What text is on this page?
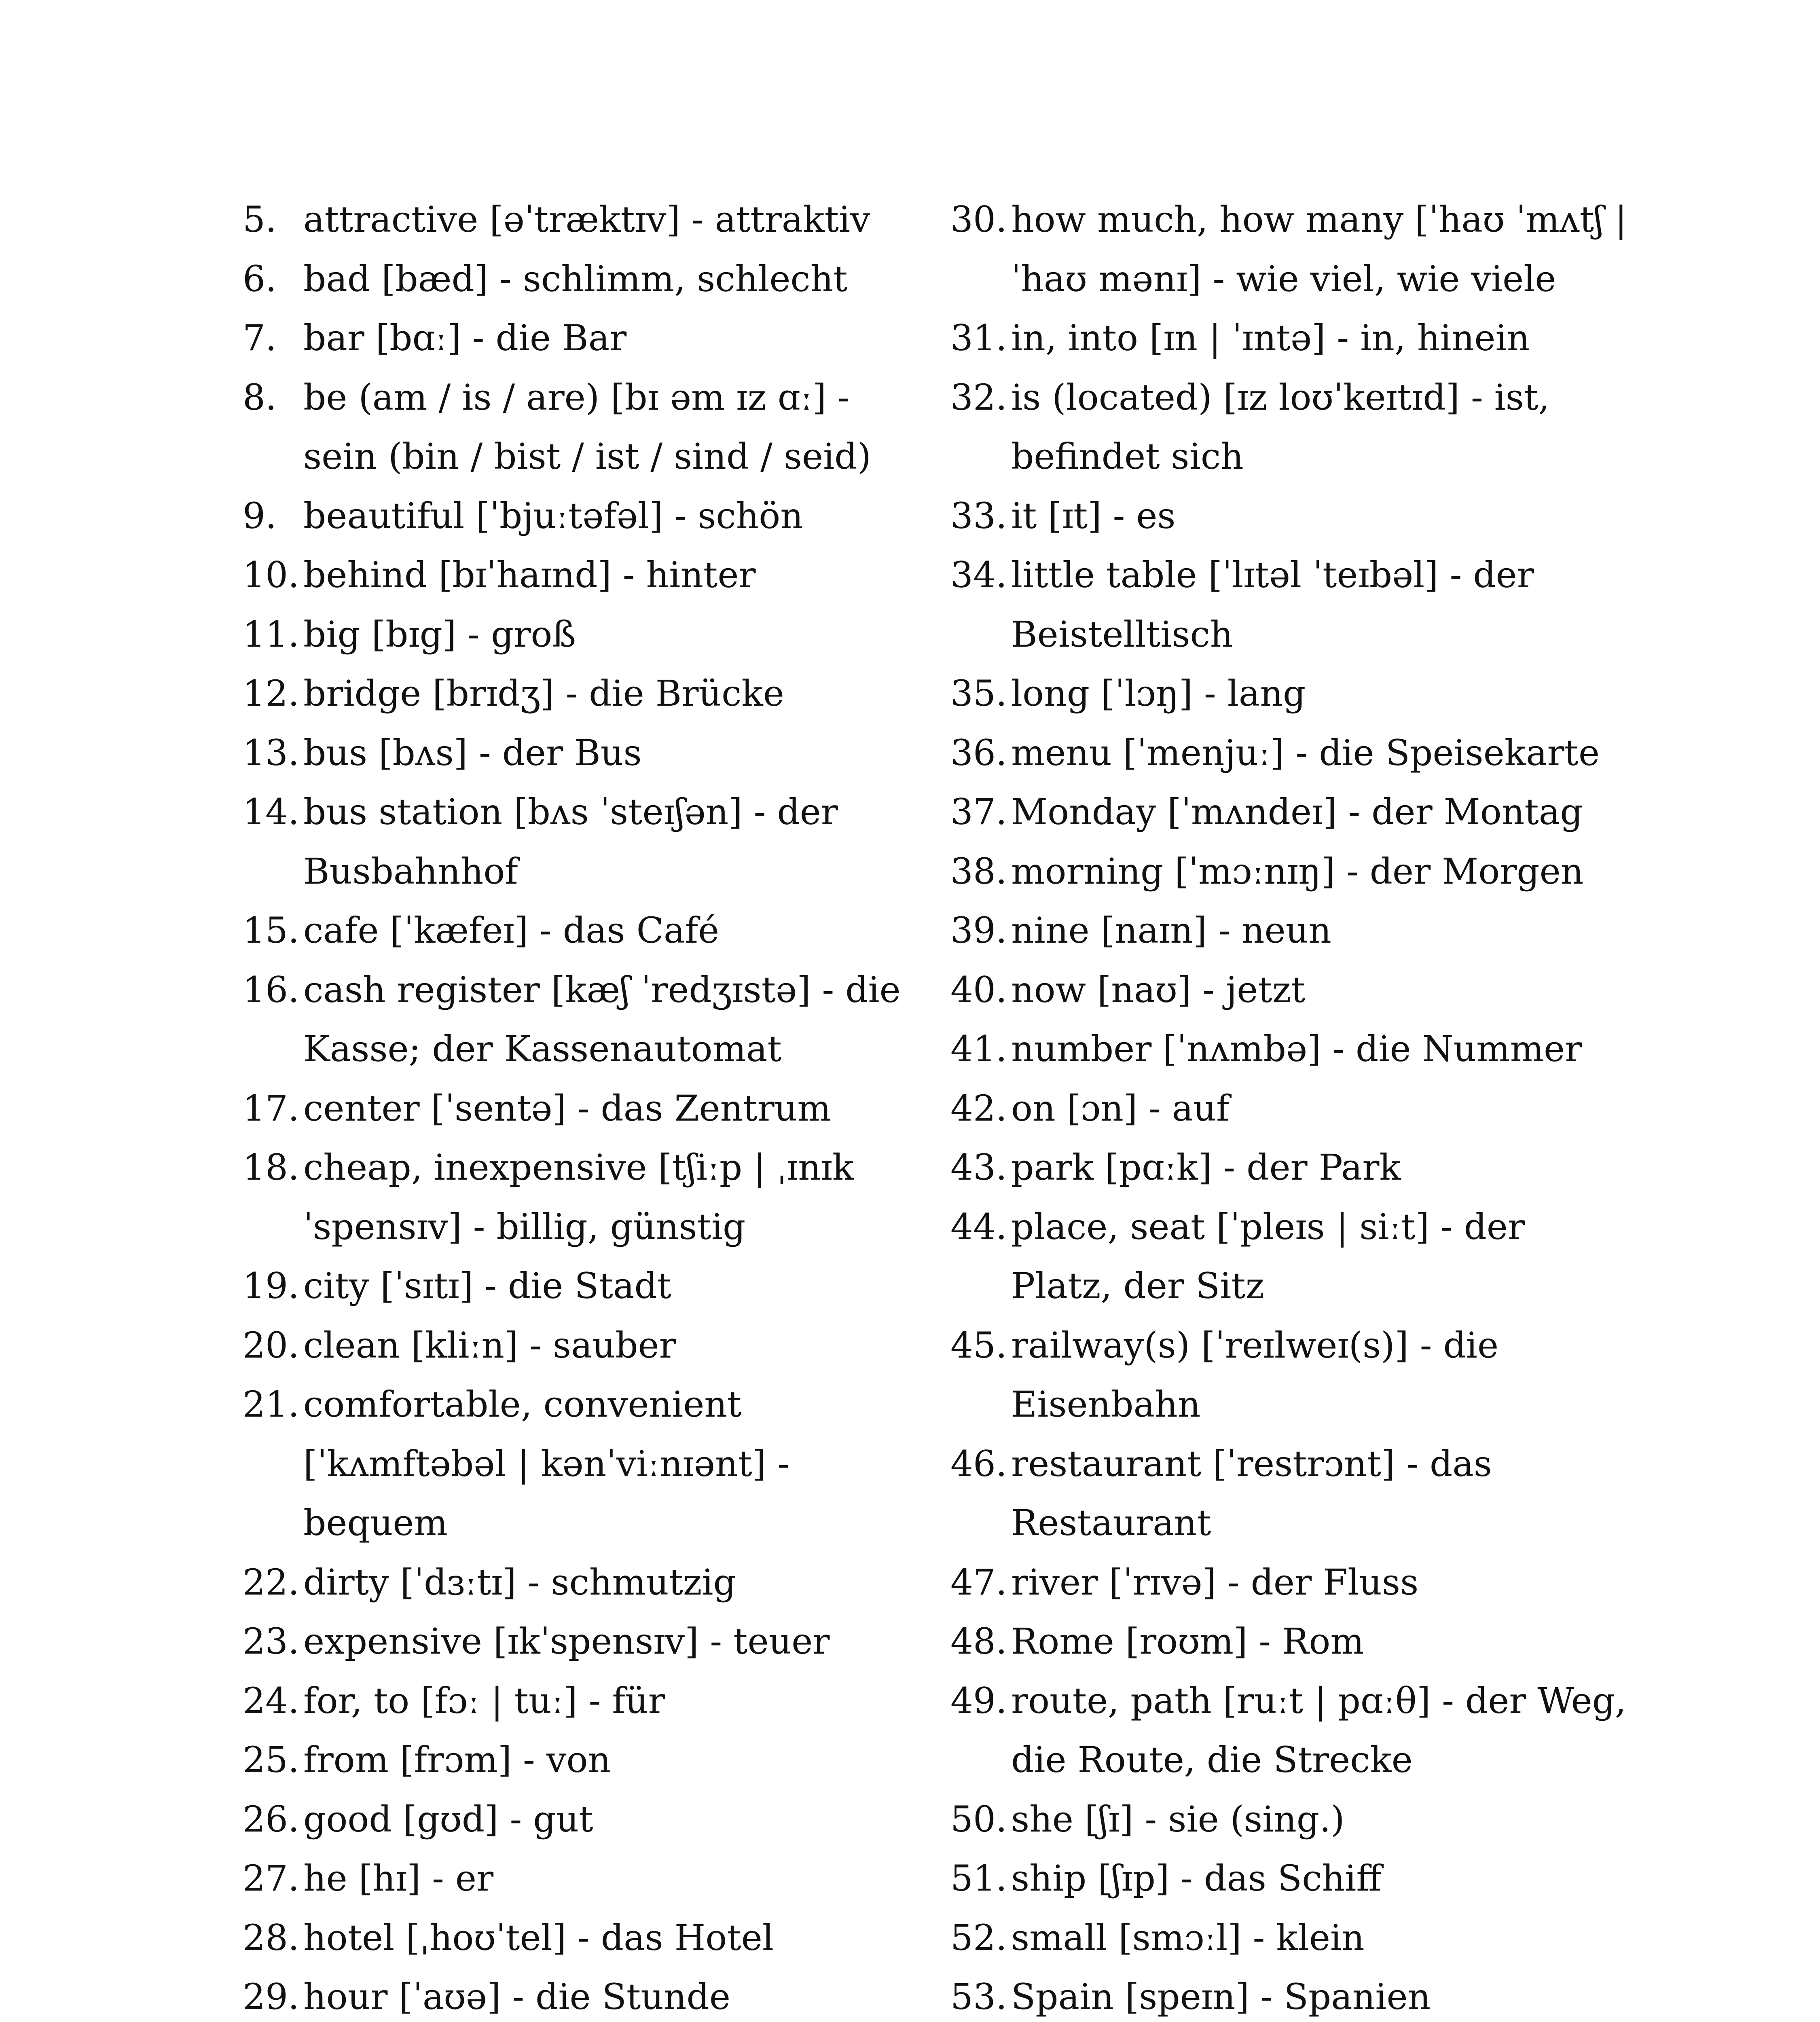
5. attractive [əˈtræktɪv] - attraktiv
6. bad [bæd] - schlimm, schlecht
7. bar [bɑː] - die Bar
8. be (am / is / are) [bɪ əm ɪz ɑː] - sein (bin / bist / ist / sind / seid)
9. beautiful [ˈbjuːtəfəl] - schön
10. behind [bɪˈhaɪnd] - hinter
11. big [bɪg] - groß
12. bridge [brɪdʒ] - die Brücke
13. bus [bʌs] - der Bus
14. bus station [bʌs ˈsteɪʃən] - der Busbahnhof
15. cafe [ˈkæfeɪ] - das Café
16. cash register [kæʃ ˈredʒɪstə] - die Kasse; der Kassenautomat
17. center [ˈsentə] - das Zentrum
18. cheap, inexpensive [tʃiːp | ˌɪnɪkˈspensɪv] - billig, günstig
19. city [ˈsɪtɪ] - die Stadt
20. clean [kliːn] - sauber
21. comfortable, convenient [ˈkʌmftəbəl | kənˈviːnɪənt] - bequem
22. dirty [ˈdɜːtɪ] - schmutzig
23. expensive [ɪkˈspensɪv] - teuer
24. for, to [fɔː | tuː] - für
25. from [frɔm] - von
26. good [gʊd] - gut
27. he [hɪ] - er
28. hotel [ˌhoʊˈtel] - das Hotel
29. hour [ˈaʊə] - die Stunde
30. how much, how many [ˈhaʊ ˈmʌtʃ | ˈhaʊ mənɪ] - wie viel, wie viele
31. in, into [ɪn | ˈɪntə] - in, hinein
32. is (located) [ɪz loʊˈkeɪtɪd] - ist, befindet sich
33. it [ɪt] - es
34. little table [ˈlɪtəl ˈteɪbəl] - der Beistelltisch
35. long [ˈlɔŋ] - lang
36. menu [ˈmenjuː] - die Speisekarte
37. Monday [ˈmʌndeɪ] - der Montag
38. morning [ˈmɔːnɪŋ] - der Morgen
39. nine [naɪn] - neun
40. now [naʊ] - jetzt
41. number [ˈnʌmbə] - die Nummer
42. on [ɔn] - auf
43. park [pɑːk] - der Park
44. place, seat [ˈpleɪs | siːt] - der Platz, der Sitz
45. railway(s) [ˈreɪlweɪ(s)] - die Eisenbahn
46. restaurant [ˈrestrɔnt] - das Restaurant
47. river [ˈrɪvə] - der Fluss
48. Rome [roʊm] - Rom
49. route, path [ruːt | pɑːθ] - der Weg, die Route, die Strecke
50. she [ʃɪ] - sie (sing.)
51. ship [ʃɪp] - das Schiff
52. small [smɔːl] - klein
53. Spain [speɪn] - Spanien
